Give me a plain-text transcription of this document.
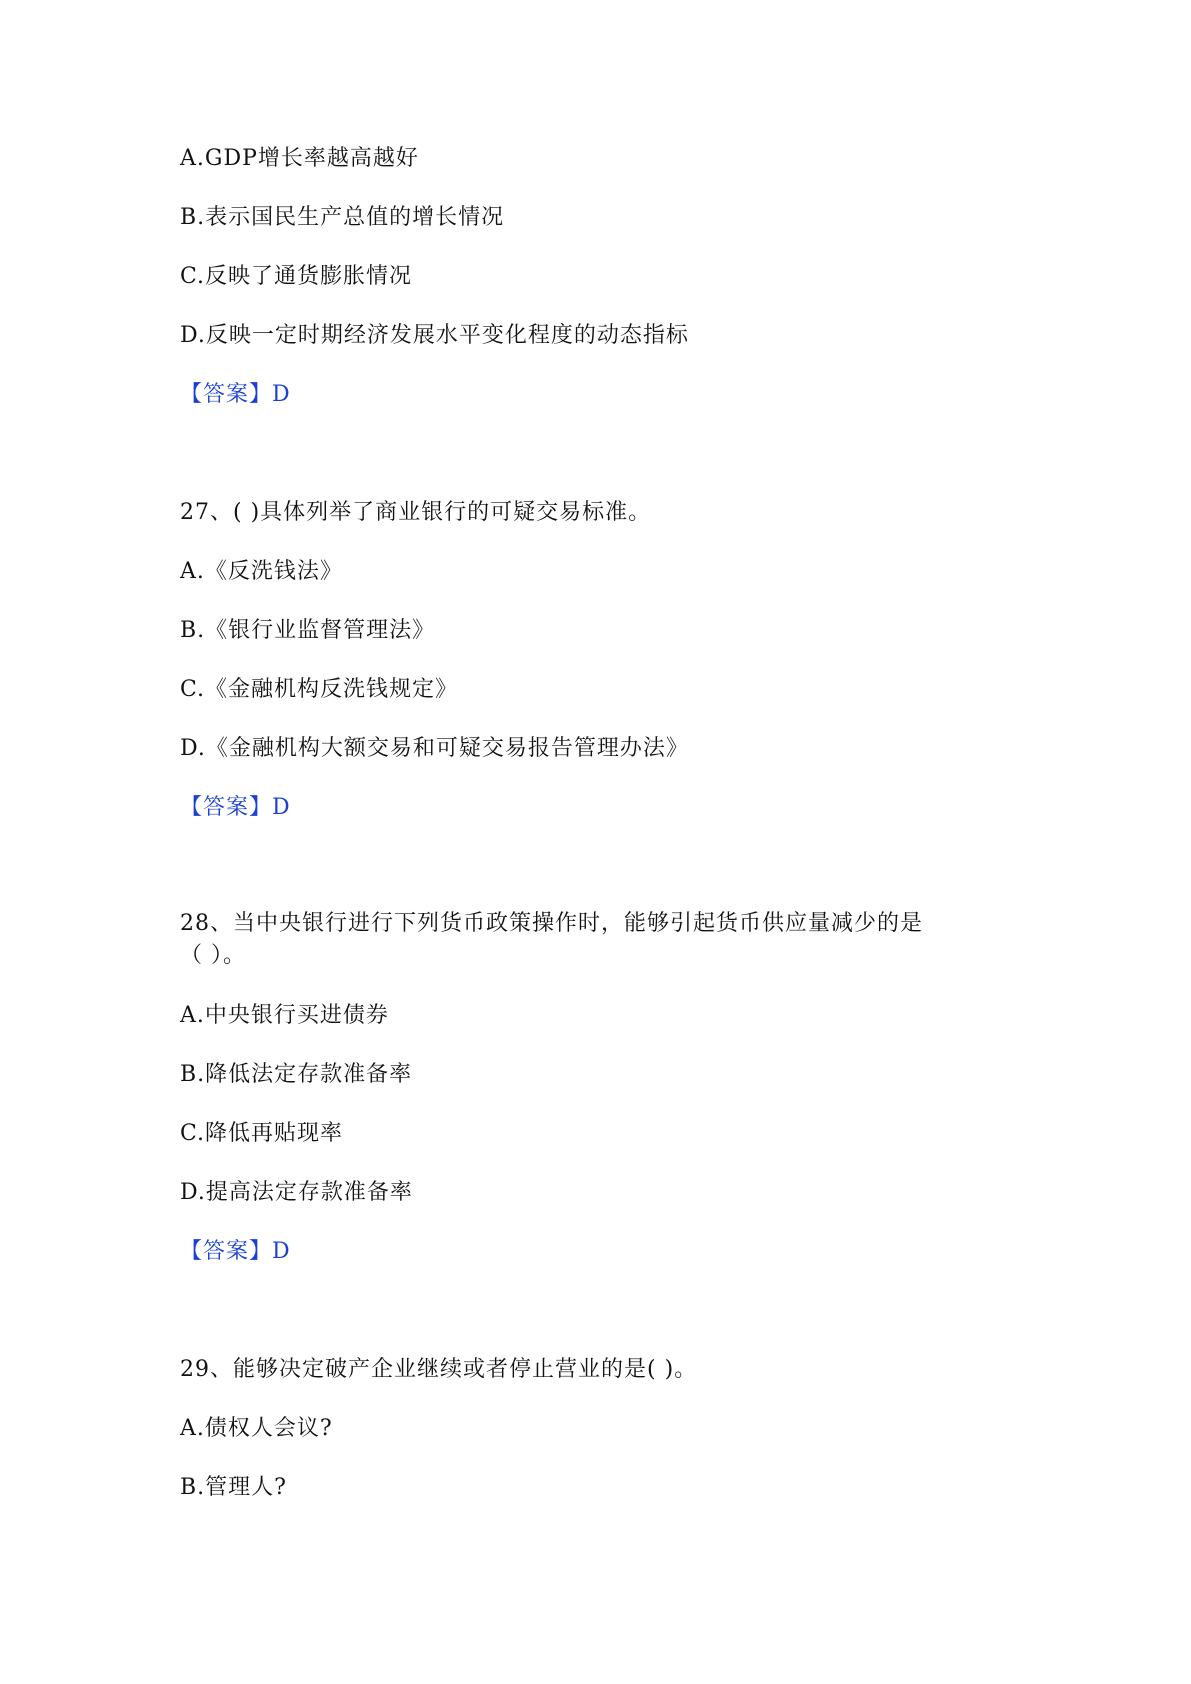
A.GDP增长率越高越好
B.表示国民生产总值的增长情况
C.反映了通货膨胀情况
D.反映一定时期经济发展水平变化程度的动态指标
【答案】D
27、( )具体列举了商业银行的可疑交易标准。
A.《反洗钱法》
B.《银行业监督管理法》
C.《金融机构反洗钱规定》
D.《金融机构大额交易和可疑交易报告管理办法》
【答案】D
28、当中央银行进行下列货币政策操作时，能够引起货币供应量减少的是
（ ）。
A.中央银行买进债券
B.降低法定存款准备率
C.降低再贴现率
D.提高法定存款准备率
【答案】D
29、能够决定破产企业继续或者停止营业的是( )。
A.债权人会议?
B.管理人?
